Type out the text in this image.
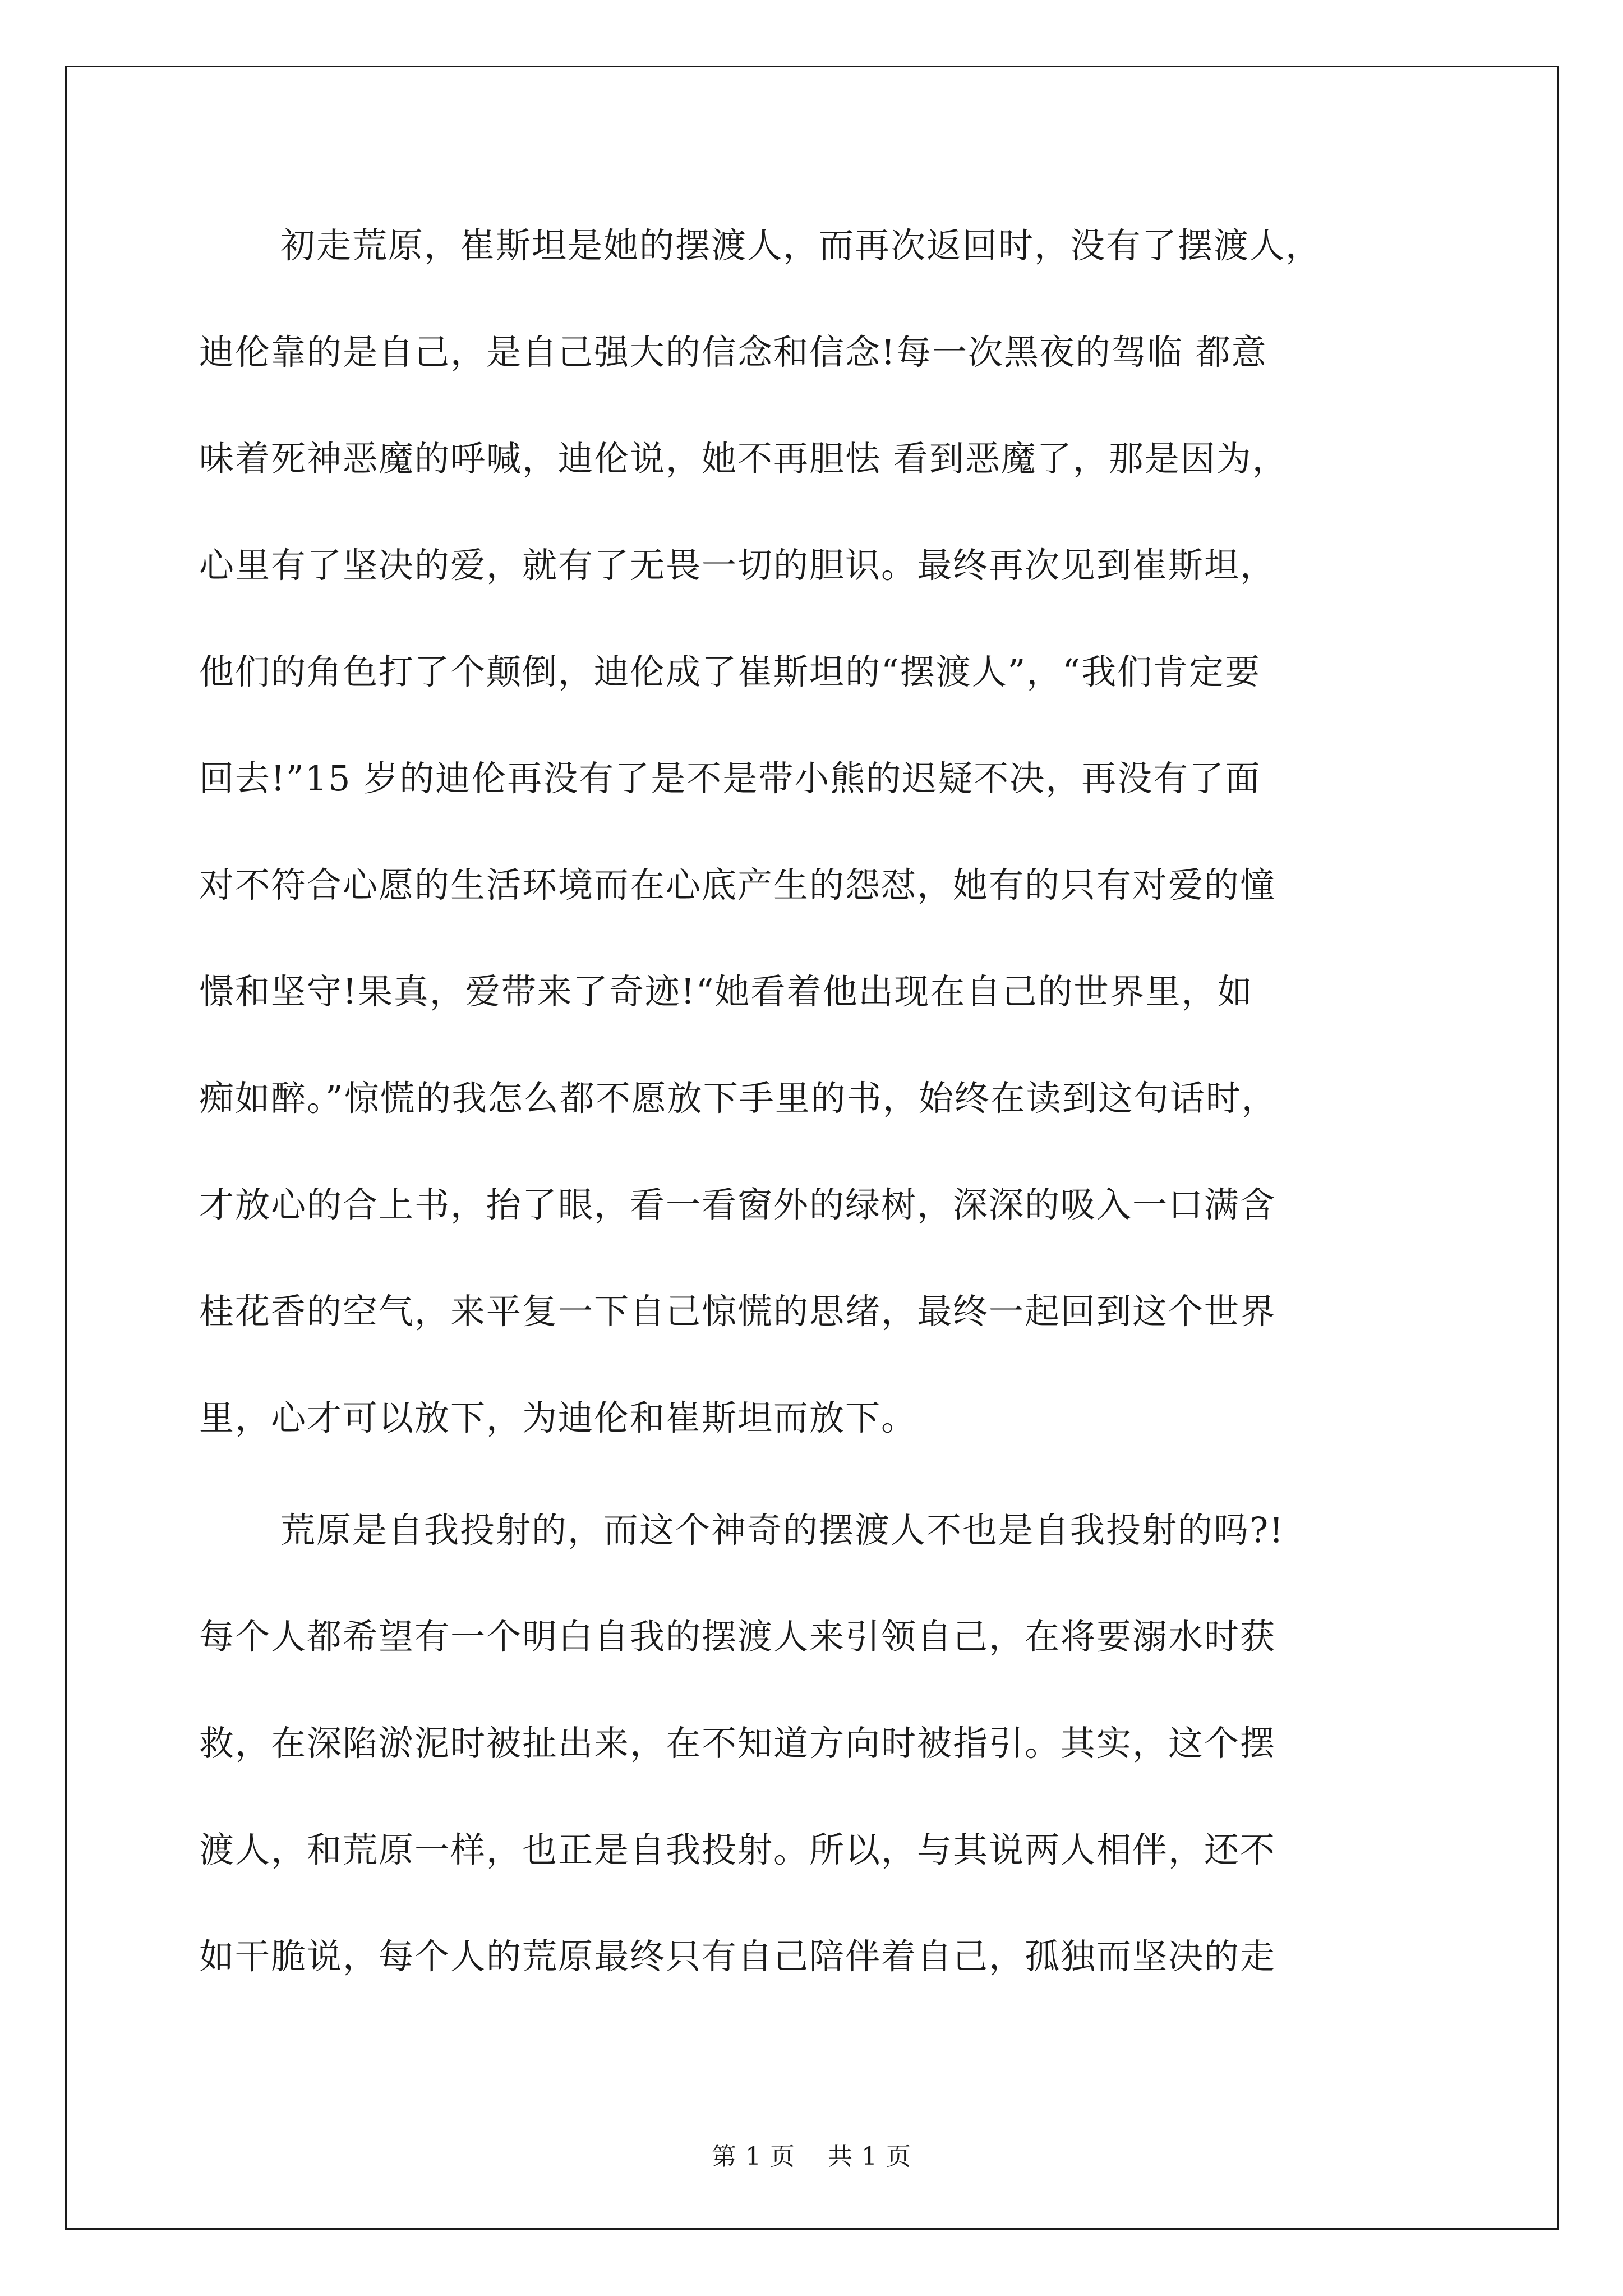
初走荒原，崔斯坦是她的摆渡人，而再次返回时，没有了摆渡人，
迪伦靠的是自己，是自己强大的信念和信念!每一次黑夜的驾临 都意
味着死神恶魔的呼喊，迪伦说，她不再胆怯 看到恶魔了，那是因为，
心里有了坚决的爱，就有了无畏一切的胆识。最终再次见到崔斯坦，
他们的角色打了个颠倒，迪伦成了崔斯坦的“摆渡人”，“我们肯定要
回去!”15 岁的迪伦再没有了是不是带小熊的迟疑不决，再没有了面
对不符合心愿的生活环境而在心底产生的怨怼，她有的只有对爱的憧
憬和坚守!果真，爱带来了奇迹!“她看着他出现在自己的世界里，如
痴如醉。”惊慌的我怎么都不愿放下手里的书，始终在读到这句话时，
才放心的合上书，抬了眼，看一看窗外的绿树，深深的吸入一口满含
桂花香的空气，来平复一下自己惊慌的思绪，最终一起回到这个世界
里，心才可以放下，为迪伦和崔斯坦而放下。
荒原是自我投射的，而这个神奇的摆渡人不也是自我投射的吗?!
每个人都希望有一个明白自我的摆渡人来引领自己，在将要溺水时获
救，在深陷淤泥时被扯出来，在不知道方向时被指引。其实，这个摆
渡人，和荒原一样，也正是自我投射。所以，与其说两人相伴，还不
如干脆说，每个人的荒原最终只有自己陪伴着自己，孤独而坚决的走
第 1 页 共 1 页
